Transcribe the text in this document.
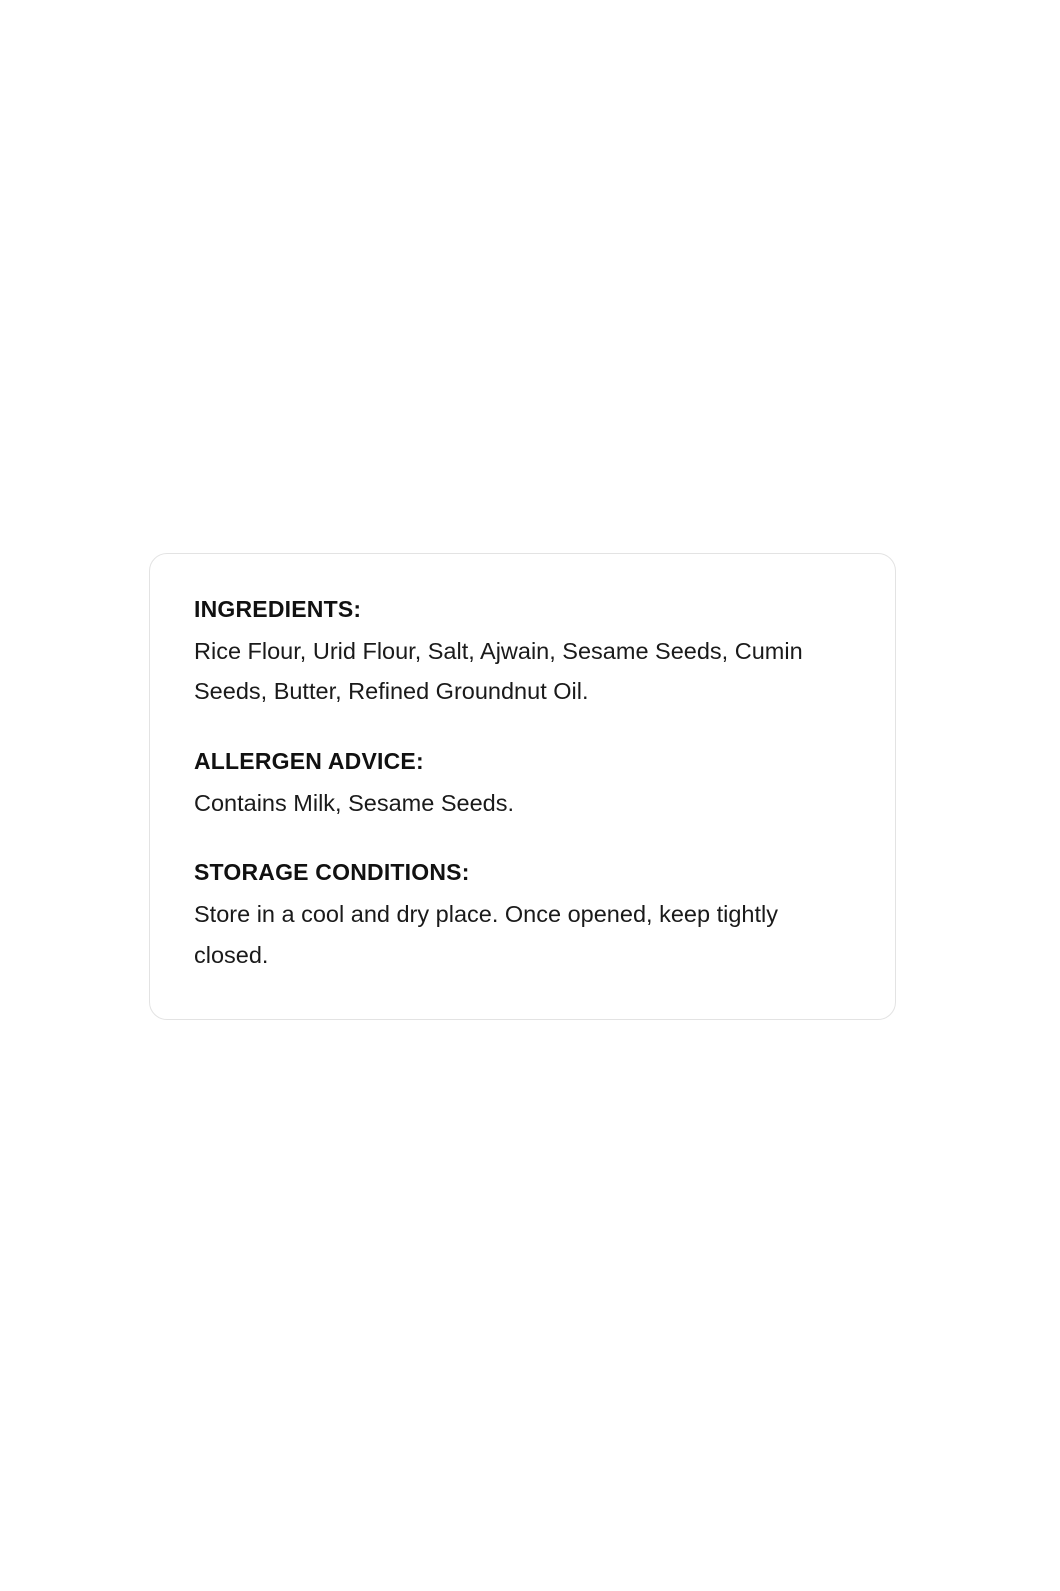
INGREDIENTS:

Rice Flour, Urid Flour, Salt, Ajwain, Sesame Seeds, Cumin Seeds, Butter, Refined Groundnut Oil.

ALLERGEN ADVICE:

Contains Milk, Sesame Seeds.

STORAGE CONDITIONS:

Store in a cool and dry place. Once opened, keep tightly closed.
